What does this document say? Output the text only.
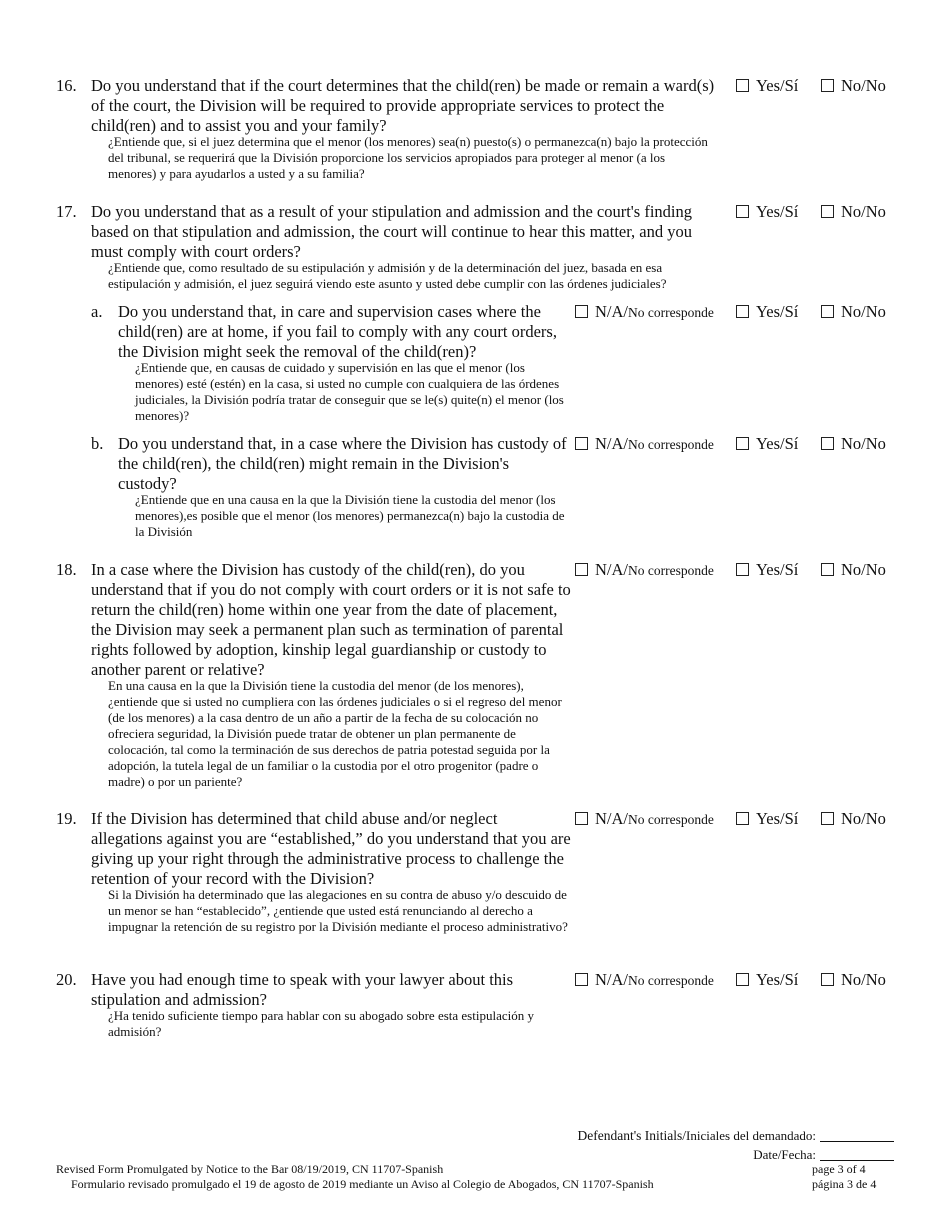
16. Do you understand that if the court determines that the child(ren) be made or remain a ward(s) of the court, the Division will be required to provide appropriate services to protect the child(ren) and to assist you and your family?

¿Entiende que, si el juez determina que el menor (los menores) sea(n) puesto(s) o permanezca(n) bajo la protección del tribunal, se requerirá que la División proporcione los servicios apropiados para proteger al menor (a los menores) y para ayudarlos a usted y a su familia?

Yes/Sí	No/No
17. Do you understand that as a result of your stipulation and admission and the court's finding based on that stipulation and admission, the court will continue to hear this matter, and you must comply with court orders?

¿Entiende que, como resultado de su estipulación y admisión y de la determinación del juez, basada en esa estipulación y admisión, el juez seguirá viendo este asunto y usted debe cumplir con las órdenes judiciales?

Yes/Sí	No/No
a. Do you understand that, in care and supervision cases where the child(ren) are at home, if you fail to comply with any court orders, the Division might seek the removal of the child(ren)?

¿Entiende que, en causas de cuidado y supervisión en las que el menor (los menores) esté (estén) en la casa, si usted no cumple con cualquiera de las órdenes judiciales, la División podría tratar de conseguir que se le(s) quite(n) el menor (los menores)?

N/A/No corresponde	Yes/Sí	No/No
b. Do you understand that, in a case where the Division has custody of the child(ren), the child(ren) might remain in the Division's custody?

¿Entiende que en una causa en la que la División tiene la custodia del menor (los menores),es posible que el menor (los menores) permanezca(n) bajo la custodia de la División

N/A/No corresponde	Yes/Sí	No/No
18. In a case where the Division has custody of the child(ren), do you understand that if you do not comply with court orders or it is not safe to return the child(ren) home within one year from the date of placement, the Division may seek a permanent plan such as termination of parental rights followed by adoption, kinship legal guardianship or custody to another parent or relative?

En una causa en la que la División tiene la custodia del menor (de los menores), ¿entiende que si usted no cumpliera con las órdenes judiciales o si el regreso del menor (de los menores) a la casa dentro de un año a partir de la fecha de su colocación no ofreciera seguridad, la División puede tratar de obtener un plan permanente de colocación, tal como la terminación de sus derechos de patria potestad seguida por la adopción, la tutela legal de un familiar o la custodia por el otro progenitor (padre o madre) o por un pariente?

N/A/No corresponde	Yes/Sí	No/No
19. If the Division has determined that child abuse and/or neglect allegations against you are “established,” do you understand that you are giving up your right through the administrative process to challenge the retention of your record with the Division?

Si la División ha determinado que las alegaciones en su contra de abuso y/o descuido de un menor se han “establecido”, ¿entiende que usted está renunciando al derecho a impugnar la retención de su registro por la División mediante el proceso administrativo?

N/A/No corresponde	Yes/Sí	No/No
20. Have you had enough time to speak with your lawyer about this stipulation and admission?

¿Ha tenido suficiente tiempo para hablar con su abogado sobre esta estipulación y admisión?

N/A/No corresponde	Yes/Sí	No/No
Defendant's Initials/Iniciales del demandado:
Date/Fecha:
Revised Form Promulgated by Notice to the Bar 08/19/2019, CN 11707-Spanish
Formulario revisado promulgado el 19 de agosto de 2019 mediante un Aviso al Colegio de Abogados, CN 11707-Spanish
page 3 of 4
página 3 de 4
